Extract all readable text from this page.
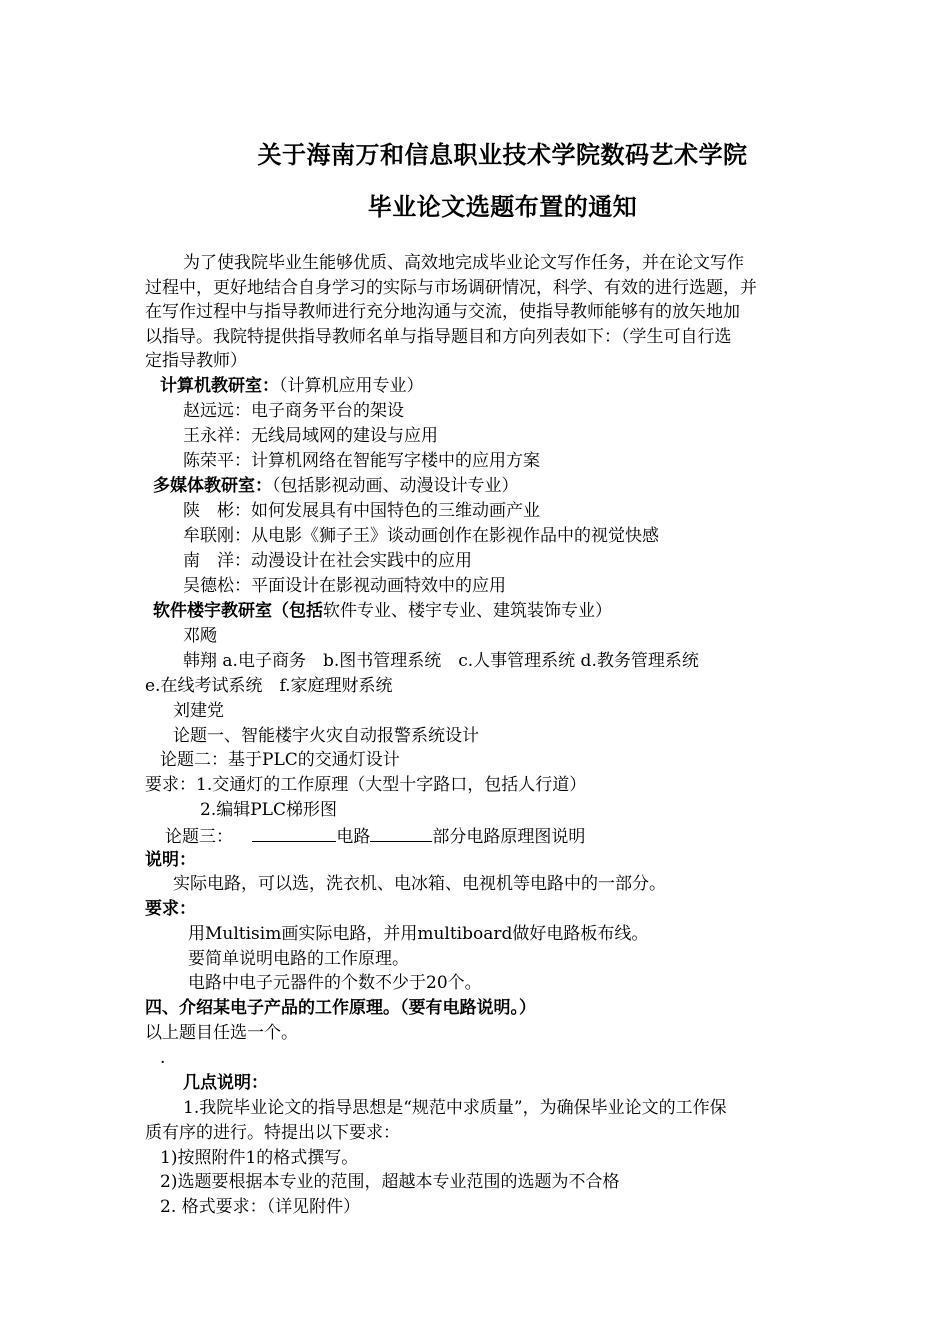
关于海南万和信息职业技术学院数码艺术学院
毕业论文选题布置的通知
为了使我院毕业生能够优质、高效地完成毕业论文写作任务，并在论文写作
过程中，更好地结合自身学习的实际与市场调研情况，科学、有效的进行选题，并
在写作过程中与指导教师进行充分地沟通与交流，使指导教师能够有的放矢地加
以指导。我院特提供指导教师名单与指导题目和方向列表如下：（学生可自行选
定指导教师）
计算机教研室：（计算机应用专业）
赵远远：电子商务平台的架设
王永祥：无线局域网的建设与应用
陈荣平：计算机网络在智能写字楼中的应用方案
多媒体教研室：（包括影视动画、动漫设计专业）
陕　彬：如何发展具有中国特色的三维动画产业
牟联刚：从电影《狮子王》谈动画创作在影视作品中的视觉快感
南　洋：动漫设计在社会实践中的应用
吴德松：平面设计在影视动画特效中的应用
软件楼宇教研室（包括软件专业、楼宇专业、建筑装饰专业）
邓飏
韩翔 a.电子商务　b.图书管理系统　c.人事管理系统 d.教务管理系统
e.在线考试系统　f.家庭理财系统
刘建党
论题一、智能楼宇火灾自动报警系统设计
论题二：基于PLC的交通灯设计
要求：1.交通灯的工作原理（大型十字路口，包括人行道）
2.编辑PLC梯形图
论题三：	电路	部分电路原理图说明
说明：
实际电路，可以选，洗衣机、电冰箱、电视机等电路中的一部分。
要求：
用Multisim画实际电路，并用multiboard做好电路板布线。
要简单说明电路的工作原理。
电路中电子元器件的个数不少于20个。
四、介绍某电子产品的工作原理。（要有电路说明。）
以上题目任选一个。
.
几点说明：
1.我院毕业论文的指导思想是“规范中求质量”，为确保毕业论文的工作保
质有序的进行。特提出以下要求：
1)按照附件1的格式撰写。
2)选题要根据本专业的范围，超越本专业范围的选题为不合格
2. 格式要求：（详见附件）
